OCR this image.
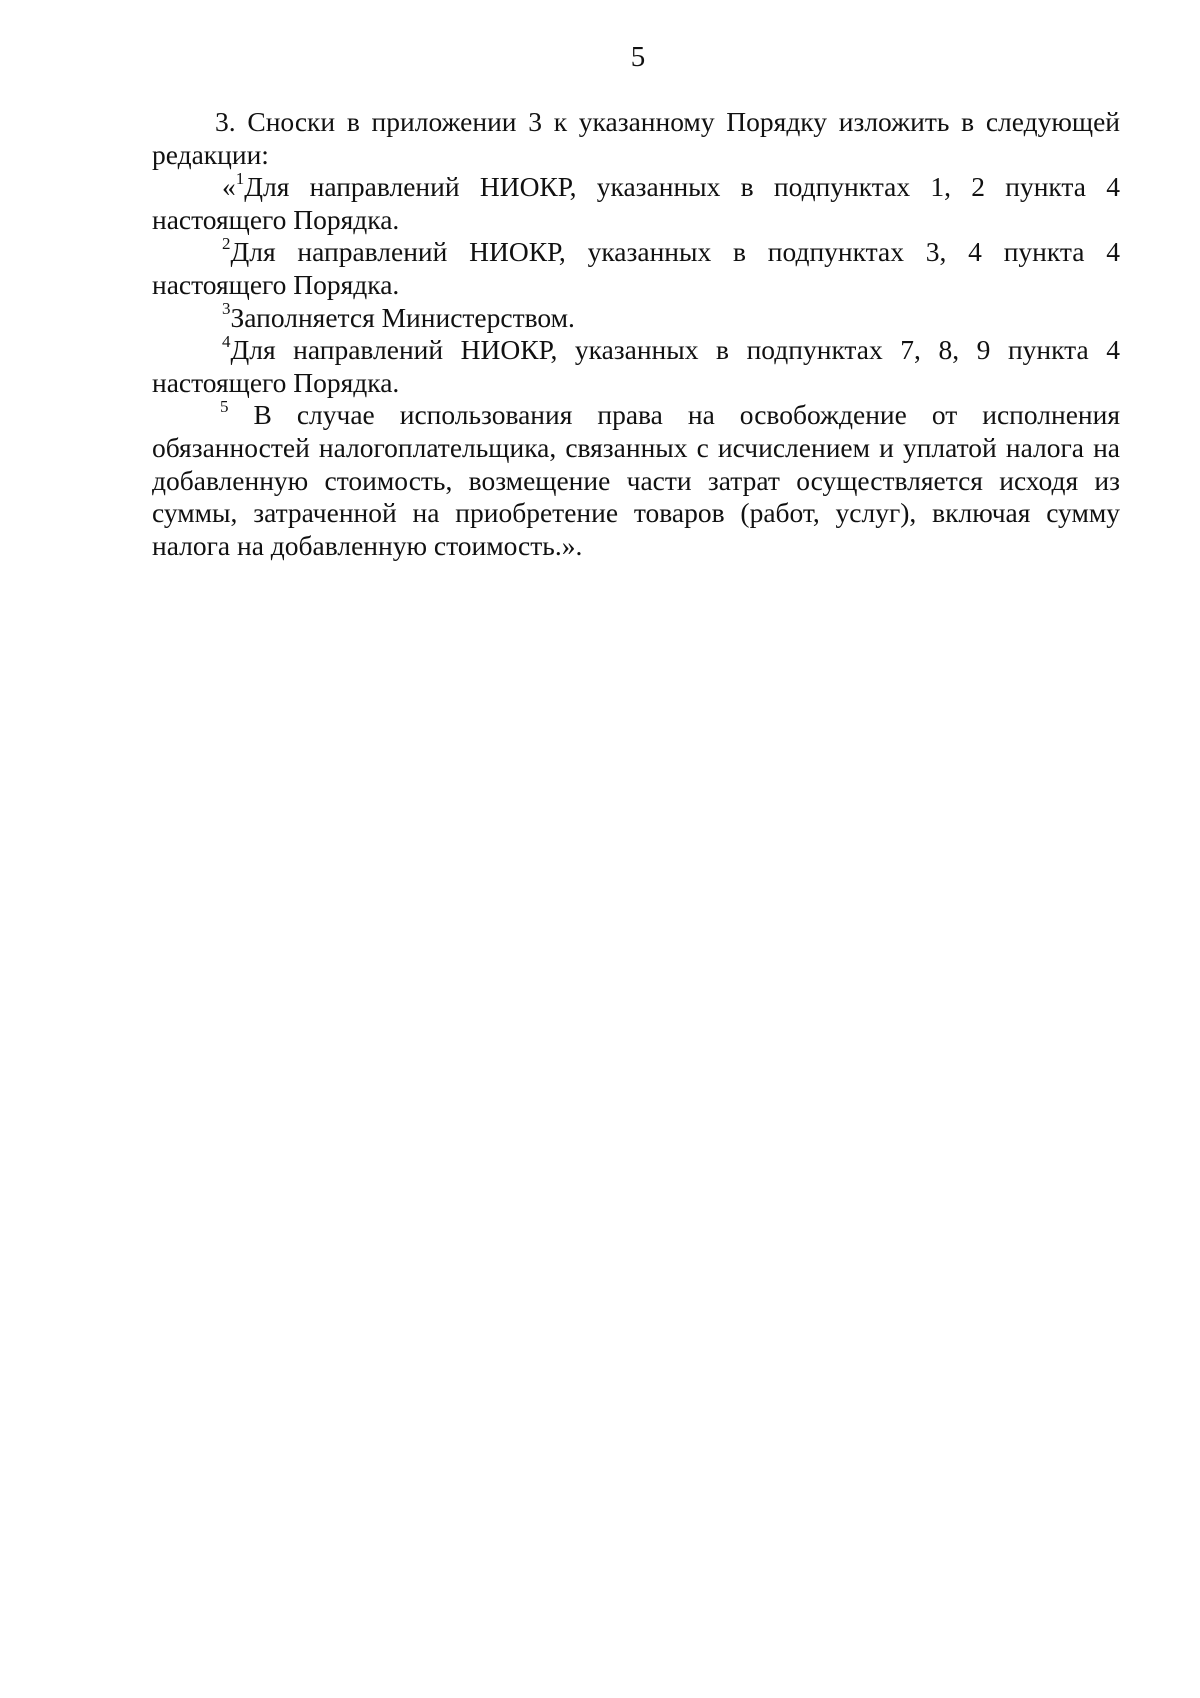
5

3. Сноски в приложении 3 к указанному Порядку изложить в следующей редакции:

«$^1$Для направлений НИОКР, указанных в подпунктах 1, 2 пункта 4 настоящего Порядка.

$^2$Для направлений НИОКР, указанных в подпунктах 3, 4 пункта 4 настоящего Порядка.

$^3$Заполняется Министерством.

$^4$Для направлений НИОКР, указанных в подпунктах 7, 8, 9 пункта 4 настоящего Порядка.

$^5$ В случае использования права на освобождение от исполнения обязанностей налогоплательщика, связанных с исчислением и уплатой налога на добавленную стоимость, возмещение части затрат осуществляется исходя из суммы, затраченной на приобретение товаров (работ, услуг), включая сумму налога на добавленную стоимость.».
